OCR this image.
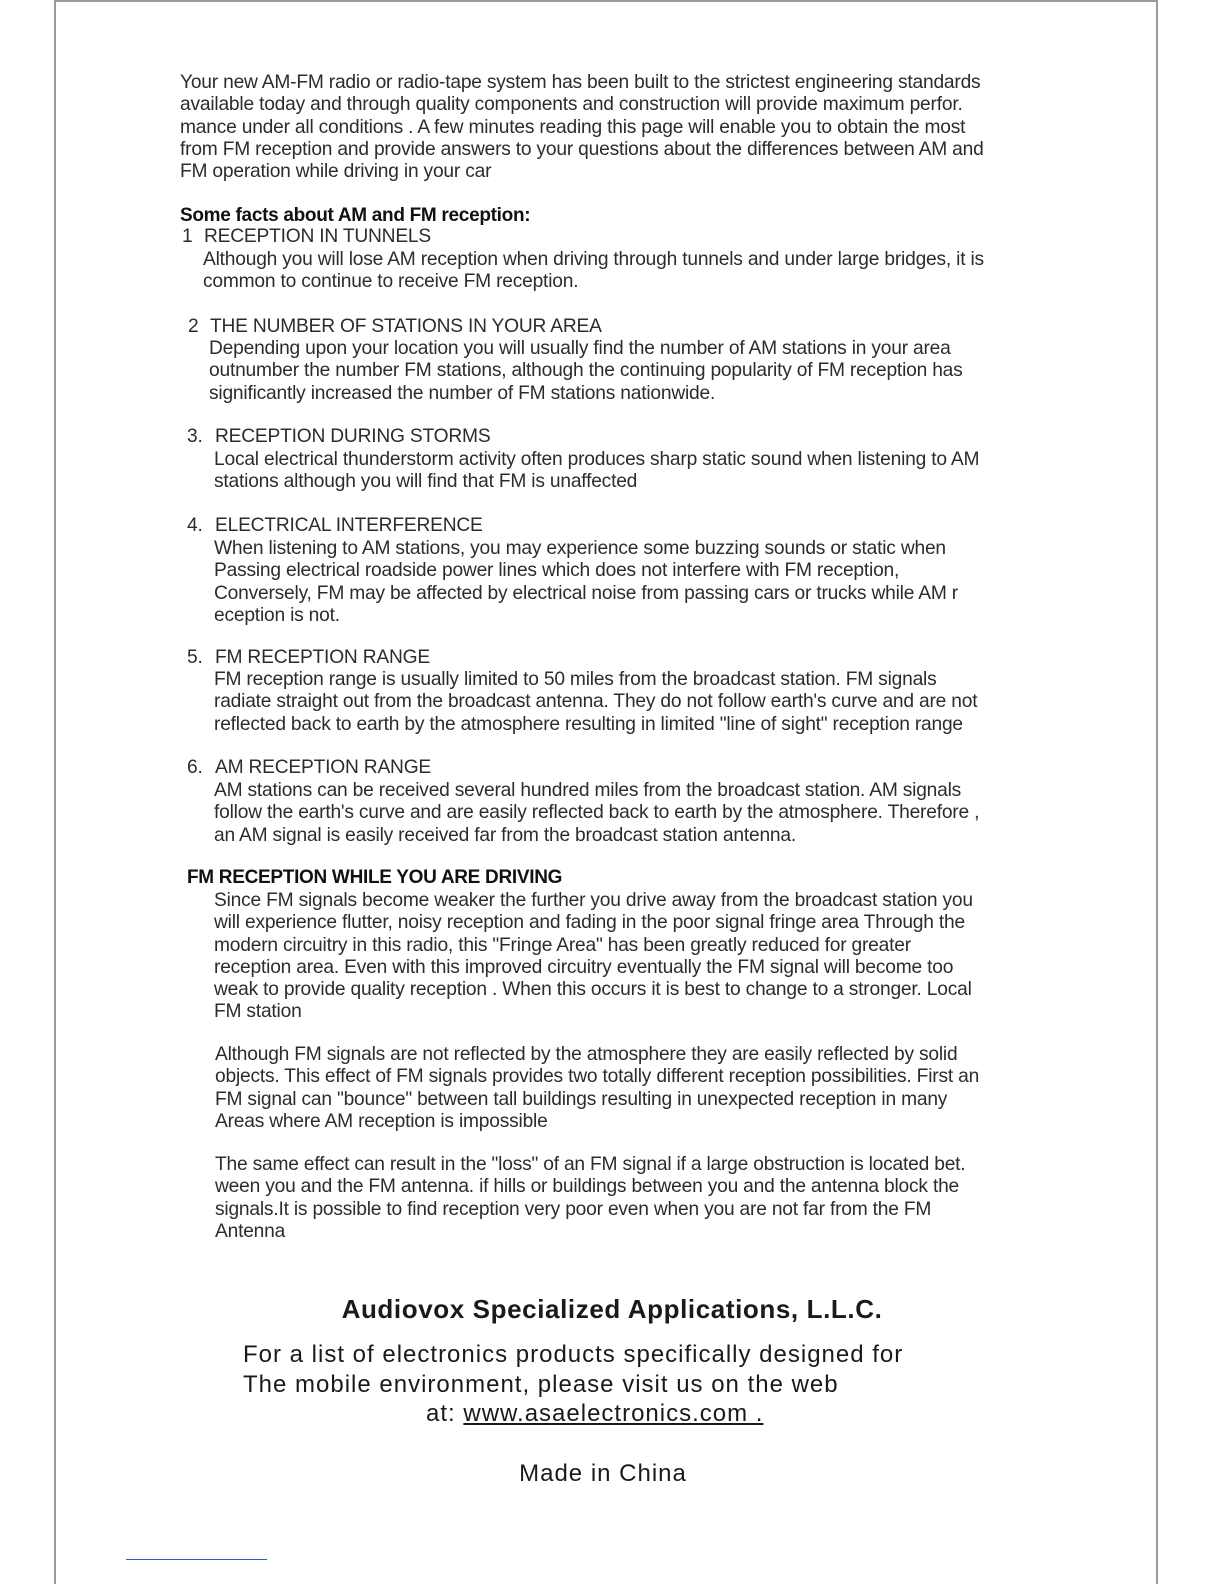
Your new AM-FM radio or radio-tape system has been built to the strictest engineering standards
available today and through quality components and construction will provide maximum perfor.
mance under all conditions . A few minutes reading this page will enable you to obtain the most
from FM reception and provide answers to your questions about the differences between AM and
FM operation while driving in your car

Some facts about AM and FM reception:

1 RECEPTION IN TUNNELS

Although you will lose AM reception when driving through tunnels and under large bridges, it is
common to continue to receive FM reception.

2 THE NUMBER OF STATIONS IN YOUR AREA

Depending upon your location you will usually find the number of AM stations in your area
outnumber the number FM stations, although the continuing popularity of FM reception has
significantly increased the number of FM stations nationwide.

3. RECEPTION DURING STORMS

Local electrical thunderstorm activity often produces sharp static sound when listening to AM
stations although you will find that FM is unaffected

4. ELECTRICAL INTERFERENCE

When listening to AM stations, you may experience some buzzing sounds or static when
Passing electrical roadside power lines which does not interfere with FM reception,
Conversely, FM may be affected by electrical noise from passing cars or trucks while AM r
eception is not.

5. FM RECEPTION RANGE

FM reception range is usually limited to 50 miles from the broadcast station. FM signals
radiate straight out from the broadcast antenna. They do not follow earth's curve and are not
reflected back to earth by the atmosphere resulting in limited "line of sight" reception range

6. AM RECEPTION RANGE

AM stations can be received several hundred miles from the broadcast station. AM signals
follow the earth's curve and are easily reflected back to earth by the atmosphere. Therefore ,
an AM signal is easily received far from the broadcast station antenna.

FM RECEPTION WHILE YOU ARE DRIVING

Since FM signals become weaker the further you drive away from the broadcast station you
will experience flutter, noisy reception and fading in the poor signal fringe area Through the
modern circuitry in this radio, this "Fringe Area" has been greatly reduced for greater
reception area. Even with this improved circuitry eventually the FM signal will become too
weak to provide quality reception . When this occurs it is best to change to a stronger. Local
FM station

Although FM signals are not reflected by the atmosphere they are easily reflected by solid
objects. This effect of FM signals provides two totally different reception possibilities. First an
FM signal can "bounce" between tall buildings resulting in unexpected reception in many
Areas where AM reception is impossible

The same effect can result in the "loss" of an FM signal if a large obstruction is located bet.
ween you and the FM antenna. if hills or buildings between you and the antenna block the
signals.It is possible to find reception very poor even when you are not far from the FM
Antenna

Audiovox Specialized Applications, L.L.C.

For a list of electronics products specifically designed for

The mobile environment, please visit us on the web

at: www.asaelectronics.com .

Made in China
